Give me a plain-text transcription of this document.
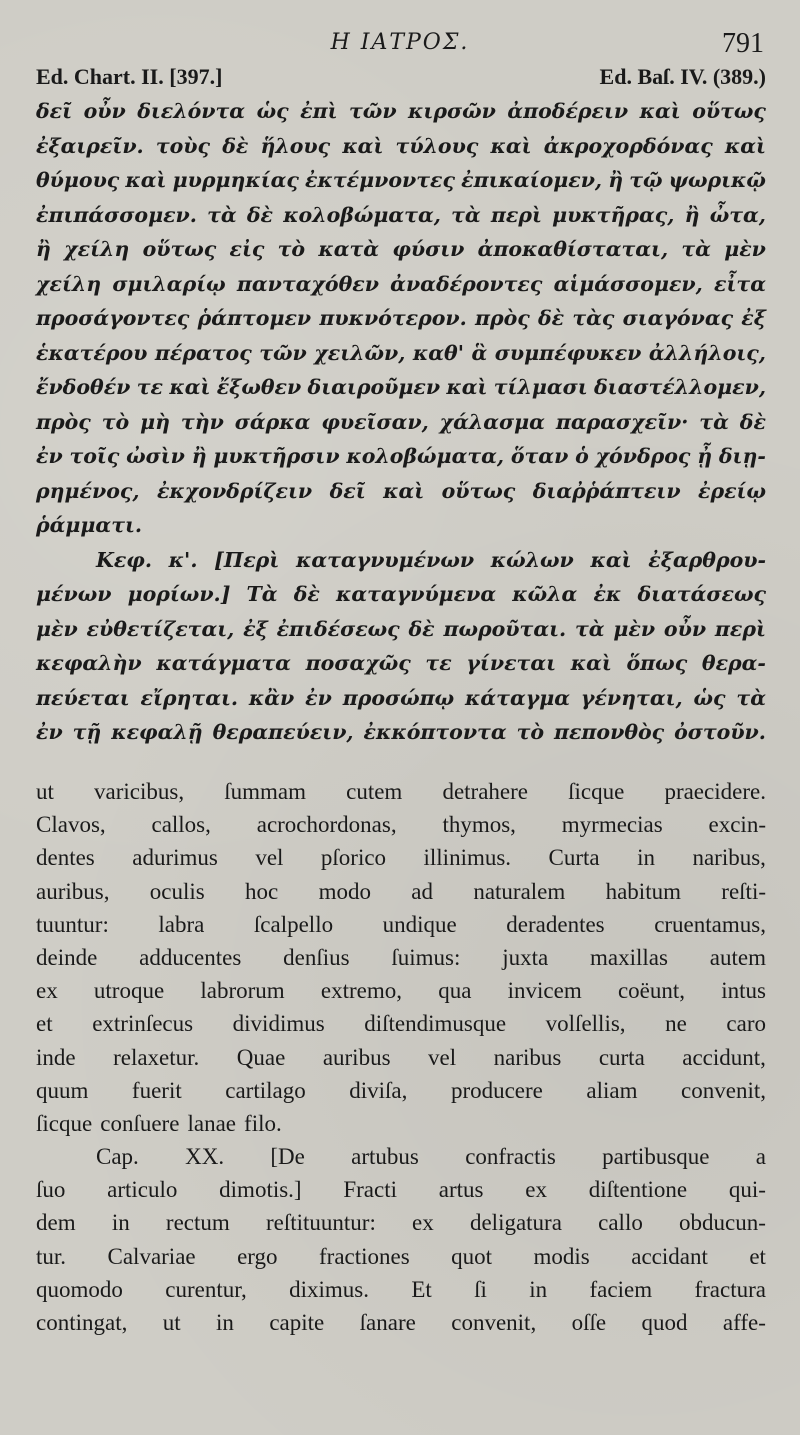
Η ΙΑΤΡΟΣ.	791
Ed. Chart. II. [397.]	Ed. Baſ. IV. (389.)
δεῖ οὖν διελόντα ὡς ἐπὶ τῶν κιρσῶν ἀποδέρειν καὶ οὕτως
ἐξαιρεῖν. τοὺς δὲ ἥλους καὶ τύλους καὶ ἀκροχορδόνας καὶ
θύμους καὶ μυρμηκίας ἐκτέμνοντες ἐπικαίομεν, ἢ τῷ ψωρικῷ
ἐπιπάσσομεν. τὰ δὲ κολοβώματα, τὰ περὶ μυκτῆρας, ἢ ὦτα,
ἢ χείλη οὕτως εἰς τὸ κατὰ φύσιν ἀποκαθίσταται, τὰ μὲν
χείλη σμιλαρίῳ πανταχόθεν ἀναδέροντες αἱμάσσομεν, εἶτα
προσάγοντες ῥάπτομεν πυκνότερον. πρὸς δὲ τὰς σιαγόνας ἐξ
ἑκατέρου πέρατος τῶν χειλῶν, καθ' ἃ συμπέφυκεν ἀλλήλοις,
ἔνδοθέν τε καὶ ἔξωθεν διαιροῦμεν καὶ τίλμασι διαστέλλομεν,
πρὸς τὸ μὴ τὴν σάρκα φυεῖσαν, χάλασμα παρασχεῖν· τὰ δὲ
ἐν τοῖς ὠσὶν ἢ μυκτῆρσιν κολοβώματα, ὅταν ὁ χόνδρος ᾖ διῃ-
ρημένος, ἐκχονδρίζειν δεῖ καὶ οὕτως διαῤῥάπτειν ἐρείῳ
ῥάμματι.
Κεφ. κ'. [Περὶ καταγνυμένων κώλων καὶ ἐξαρθρου-
μένων μορίων.] Τὰ δὲ καταγνύμενα κῶλα ἐκ διατάσεως
μὲν εὐθετίζεται, ἐξ ἐπιδέσεως δὲ πωροῦται. τὰ μὲν οὖν περὶ
κεφαλὴν κατάγματα ποσαχῶς τε γίνεται καὶ ὅπως θερα-
πεύεται εἴρηται. κἂν ἐν προσώπῳ κάταγμα γένηται, ὡς τὰ
ἐν τῇ κεφαλῇ θεραπεύειν, ἐκκόπτοντα τὸ πεπονθὸς ὀστοῦν.
ut varicibus, ſummam cutem detrahere ſicque praecidere.
Clavos, callos, acrochordonas, thymos, myrmecias excin-
dentes adurimus vel pſorico illinimus. Curta in naribus,
auribus, oculis hoc modo ad naturalem habitum reſti-
tuuntur: labra ſcalpello undique deradentes cruentamus,
deinde adducentes denſius ſuimus: juxta maxillas autem
ex utroque labrorum extremo, qua invicem coëunt, intus
et extrinſecus dividimus diſtendimusque volſellis, ne caro
inde relaxetur. Quae auribus vel naribus curta accidunt,
quum fuerit cartilago diviſa, producere aliam convenit,
ſicque conſuere lanae filo.
Cap. XX. [De artubus confractis partibusque a
ſuo articulo dimotis.] Fracti artus ex diſtentione qui-
dem in rectum reſtituuntur: ex deligatura callo obducun-
tur. Calvariae ergo fractiones quot modis accidant et
quomodo curentur, diximus. Et ſi in faciem fractura
contingat, ut in capite ſanare convenit, oſſe quod affe-
